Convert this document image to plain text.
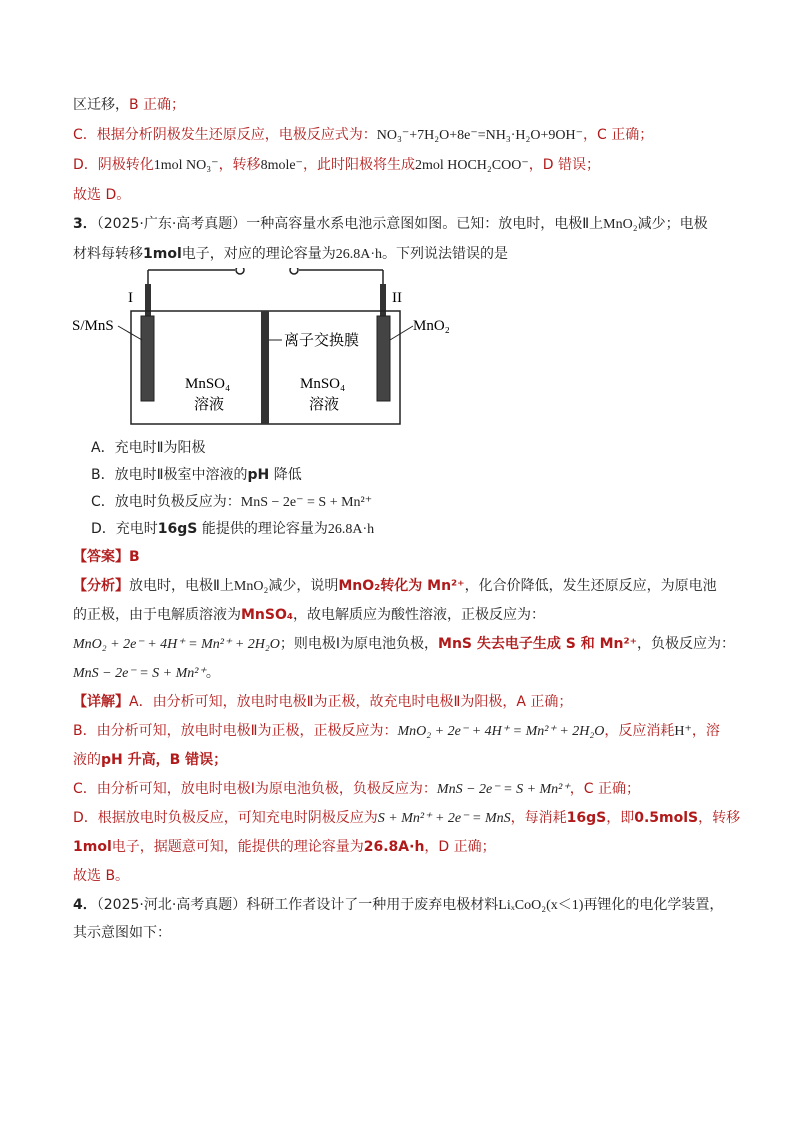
区迁移，B 正确；
C．根据分析阴极发生还原反应，电极反应式为：NO₃⁻+7H₂O+8e⁻=NH₃·H₂O+9OH⁻，C 正确；
D．阴极转化1mol NO₃⁻，转移8mole⁻，此时阳极将生成2mol HOCH₂COO⁻，D 错误；
故选 D。
3．（2025·广东·高考真题）一种高容量水系电池示意图如图。已知：放电时，电极Ⅱ上MnO₂减少；电极
材料每转移1mol电子，对应的理论容量为26.8A·h。下列说法错误的是
I	II
S/MnS	MnO₂
离子交换膜
MnSO₄
溶液
MnSO₄
溶液
A．充电时Ⅱ为阳极
B．放电时Ⅱ极室中溶液的pH 降低
C．放电时负极反应为：MnS − 2e⁻ = S + Mn²⁺
D．充电时16gS 能提供的理论容量为26.8A·h
【答案】B
【分析】放电时，电极Ⅱ上MnO₂减少，说明MnO₂转化为 Mn²⁺，化合价降低，发生还原反应，为原电池
的正极，由于电解质溶液为MnSO₄，故电解质应为酸性溶液，正极反应为：
MnO₂ + 2e⁻ + 4H⁺ = Mn²⁺ + 2H₂O；则电极Ⅰ为原电池负极，MnS 失去电子生成 S 和 Mn²⁺，负极反应为：
MnS − 2e⁻ = S + Mn²⁺。
【详解】A．由分析可知，放电时电极Ⅱ为正极，故充电时电极Ⅱ为阳极，A 正确；
B．由分析可知，放电时电极Ⅱ为正极，正极反应为：MnO₂ + 2e⁻ + 4H⁺ = Mn²⁺ + 2H₂O，反应消耗H⁺，溶
液的pH 升高，B 错误；
C．由分析可知，放电时电极Ⅰ为原电池负极，负极反应为：MnS − 2e⁻ = S + Mn²⁺，C 正确；
D．根据放电时负极反应，可知充电时阴极反应为S + Mn²⁺ + 2e⁻ = MnS，每消耗16gS，即0.5molS，转移
1mol电子，据题意可知，能提供的理论容量为26.8A·h，D 正确；
故选 B。
4．（2025·河北·高考真题）科研工作者设计了一种用于废弃电极材料LiₓCoO₂(x＜1)再锂化的电化学装置，
其示意图如下：
